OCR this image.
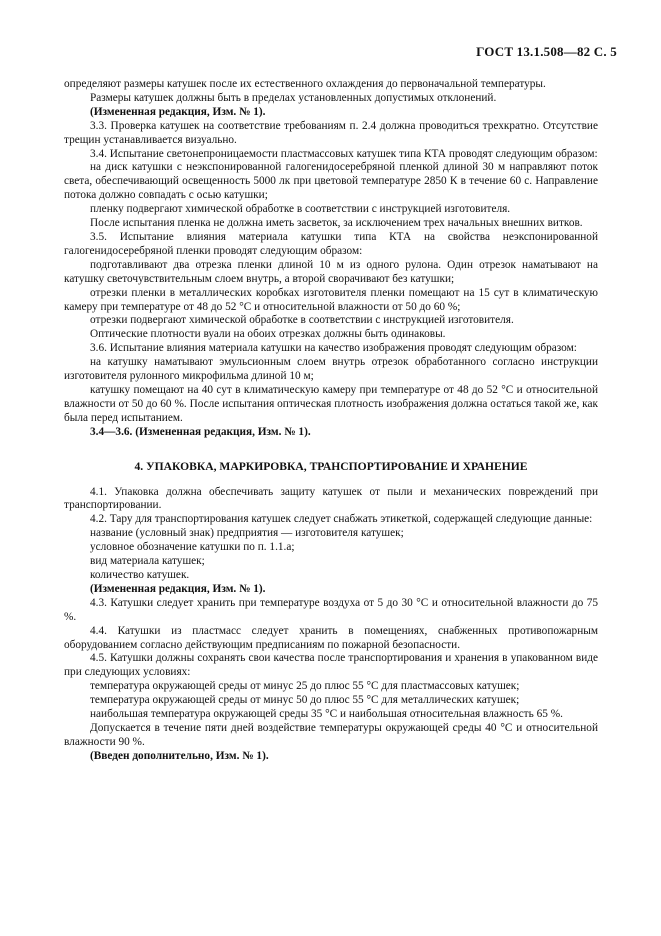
ГОСТ 13.1.508—82 С. 5

определяют размеры катушек после их естественного охлаждения до первоначальной температуры.

Размеры катушек должны быть в пределах установленных допустимых отклонений.

(Измененная редакция, Изм. № 1).

3.3. Проверка катушек на соответствие требованиям п. 2.4 должна проводиться трехкратно. Отсутствие трещин устанавливается визуально.

3.4. Испытание светонепроницаемости пластмассовых катушек типа КТА проводят следующим образом:

на диск катушки с неэкспонированной галогенидосеребряной пленкой длиной 30 м направляют поток света, обеспечивающий освещенность 5000 лк при цветовой температуре 2850 К в течение 60 с. Направление потока должно совпадать с осью катушки;

пленку подвергают химической обработке в соответствии с инструкцией изготовителя.

После испытания пленка не должна иметь засветок, за исключением трех начальных внешних витков.

3.5. Испытание влияния материала катушки типа КТА на свойства неэкспонированной галогенидосеребряной пленки проводят следующим образом:

подготавливают два отрезка пленки длиной 10 м из одного рулона. Один отрезок наматывают на катушку светочувствительным слоем внутрь, а второй сворачивают без катушки;

отрезки пленки в металлических коробках изготовителя пленки помещают на 15 сут в климатическую камеру при температуре от 48 до 52 °С и относительной влажности от 50 до 60 %;

отрезки подвергают химической обработке в соответствии с инструкцией изготовителя.

Оптические плотности вуали на обоих отрезках должны быть одинаковы.

3.6. Испытание влияния материала катушки на качество изображения проводят следующим образом:

на катушку наматывают эмульсионным слоем внутрь отрезок обработанного согласно инструкции изготовителя рулонного микрофильма длиной 10 м;

катушку помещают на 40 сут в климатическую камеру при температуре от 48 до 52 °С и относительной влажности от 50 до 60 %. После испытания оптическая плотность изображения должна остаться такой же, как была перед испытанием.

3.4—3.6. (Измененная редакция, Изм. № 1).

4. УПАКОВКА, МАРКИРОВКА, ТРАНСПОРТИРОВАНИЕ И ХРАНЕНИЕ

4.1. Упаковка должна обеспечивать защиту катушек от пыли и механических повреждений при транспортировании.

4.2. Тару для транспортирования катушек следует снабжать этикеткой, содержащей следующие данные:

название (условный знак) предприятия — изготовителя катушек;

условное обозначение катушки по п. 1.1.а;

вид материала катушек;

количество катушек.

(Измененная редакция, Изм. № 1).

4.3. Катушки следует хранить при температуре воздуха от 5 до 30 °С и относительной влажности до 75 %.

4.4. Катушки из пластмасс следует хранить в помещениях, снабженных противопожарным оборудованием согласно действующим предписаниям по пожарной безопасности.

4.5. Катушки должны сохранять свои качества после транспортирования и хранения в упакованном виде при следующих условиях:

температура окружающей среды от минус 25 до плюс 55 °С для пластмассовых катушек;

температура окружающей среды от минус 50 до плюс 55 °С для металлических катушек;

наибольшая температура окружающей среды 35 °С и наибольшая относительная влажность 65 %.

Допускается в течение пяти дней воздействие температуры окружающей среды 40 °С и относительной влажности 90 %.

(Введен дополнительно, Изм. № 1).
